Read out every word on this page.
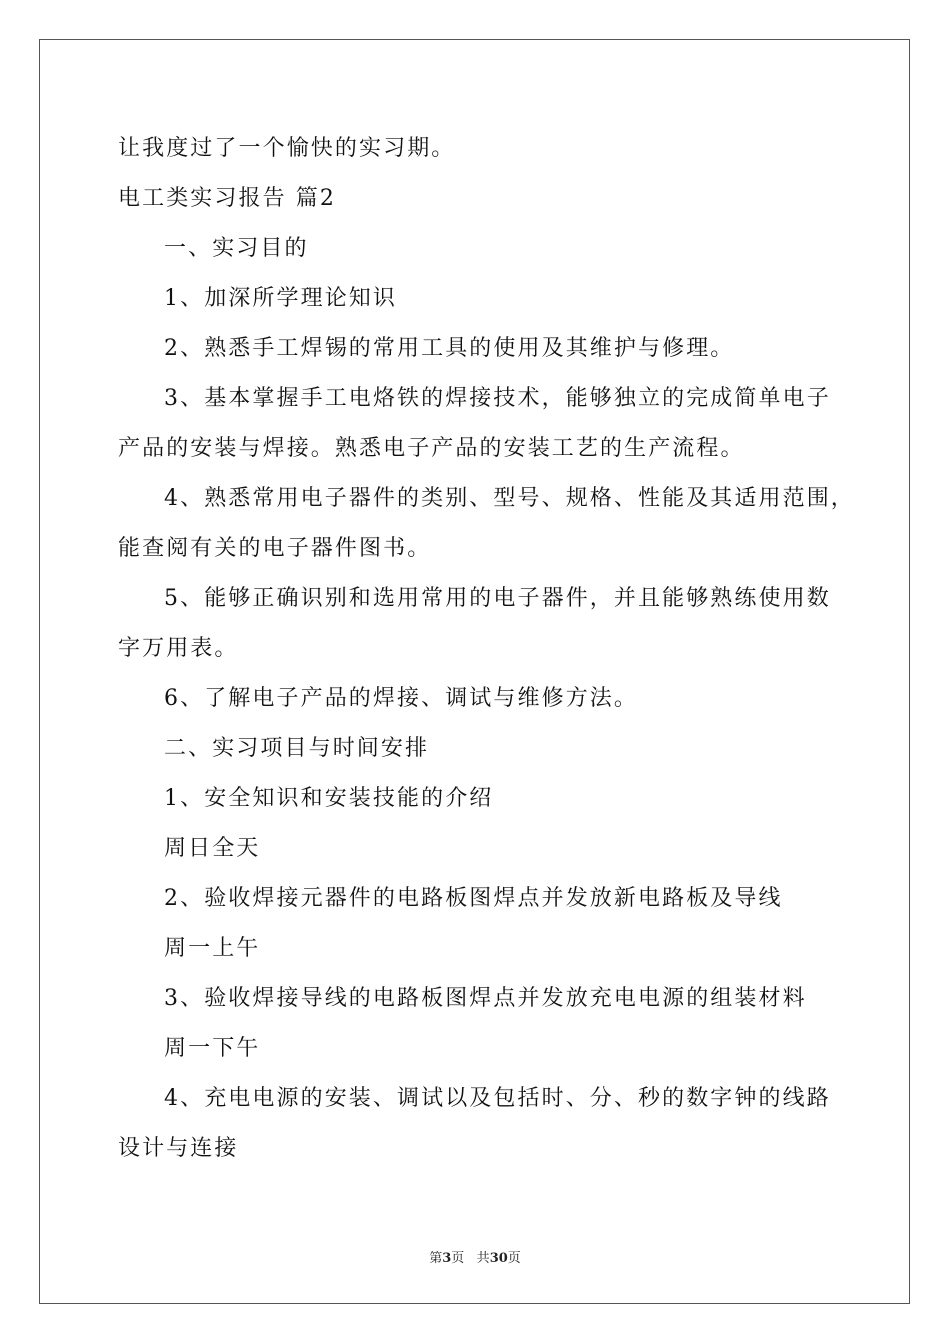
让我度过了一个愉快的实习期。
电工类实习报告 篇2
一、实习目的
1、加深所学理论知识
2、熟悉手工焊锡的常用工具的使用及其维护与修理。
3、基本掌握手工电烙铁的焊接技术，能够独立的完成简单电子
产品的安装与焊接。熟悉电子产品的安装工艺的生产流程。
4、熟悉常用电子器件的类别、型号、规格、性能及其适用范围，
能查阅有关的电子器件图书。
5、能够正确识别和选用常用的电子器件，并且能够熟练使用数
字万用表。
6、了解电子产品的焊接、调试与维修方法。
二、实习项目与时间安排
1、安全知识和安装技能的介绍
周日全天
2、验收焊接元器件的电路板图焊点并发放新电路板及导线
周一上午
3、验收焊接导线的电路板图焊点并发放充电电源的组装材料
周一下午
4、充电电源的安装、调试以及包括时、分、秒的数字钟的线路
设计与连接
第3页 共30页
